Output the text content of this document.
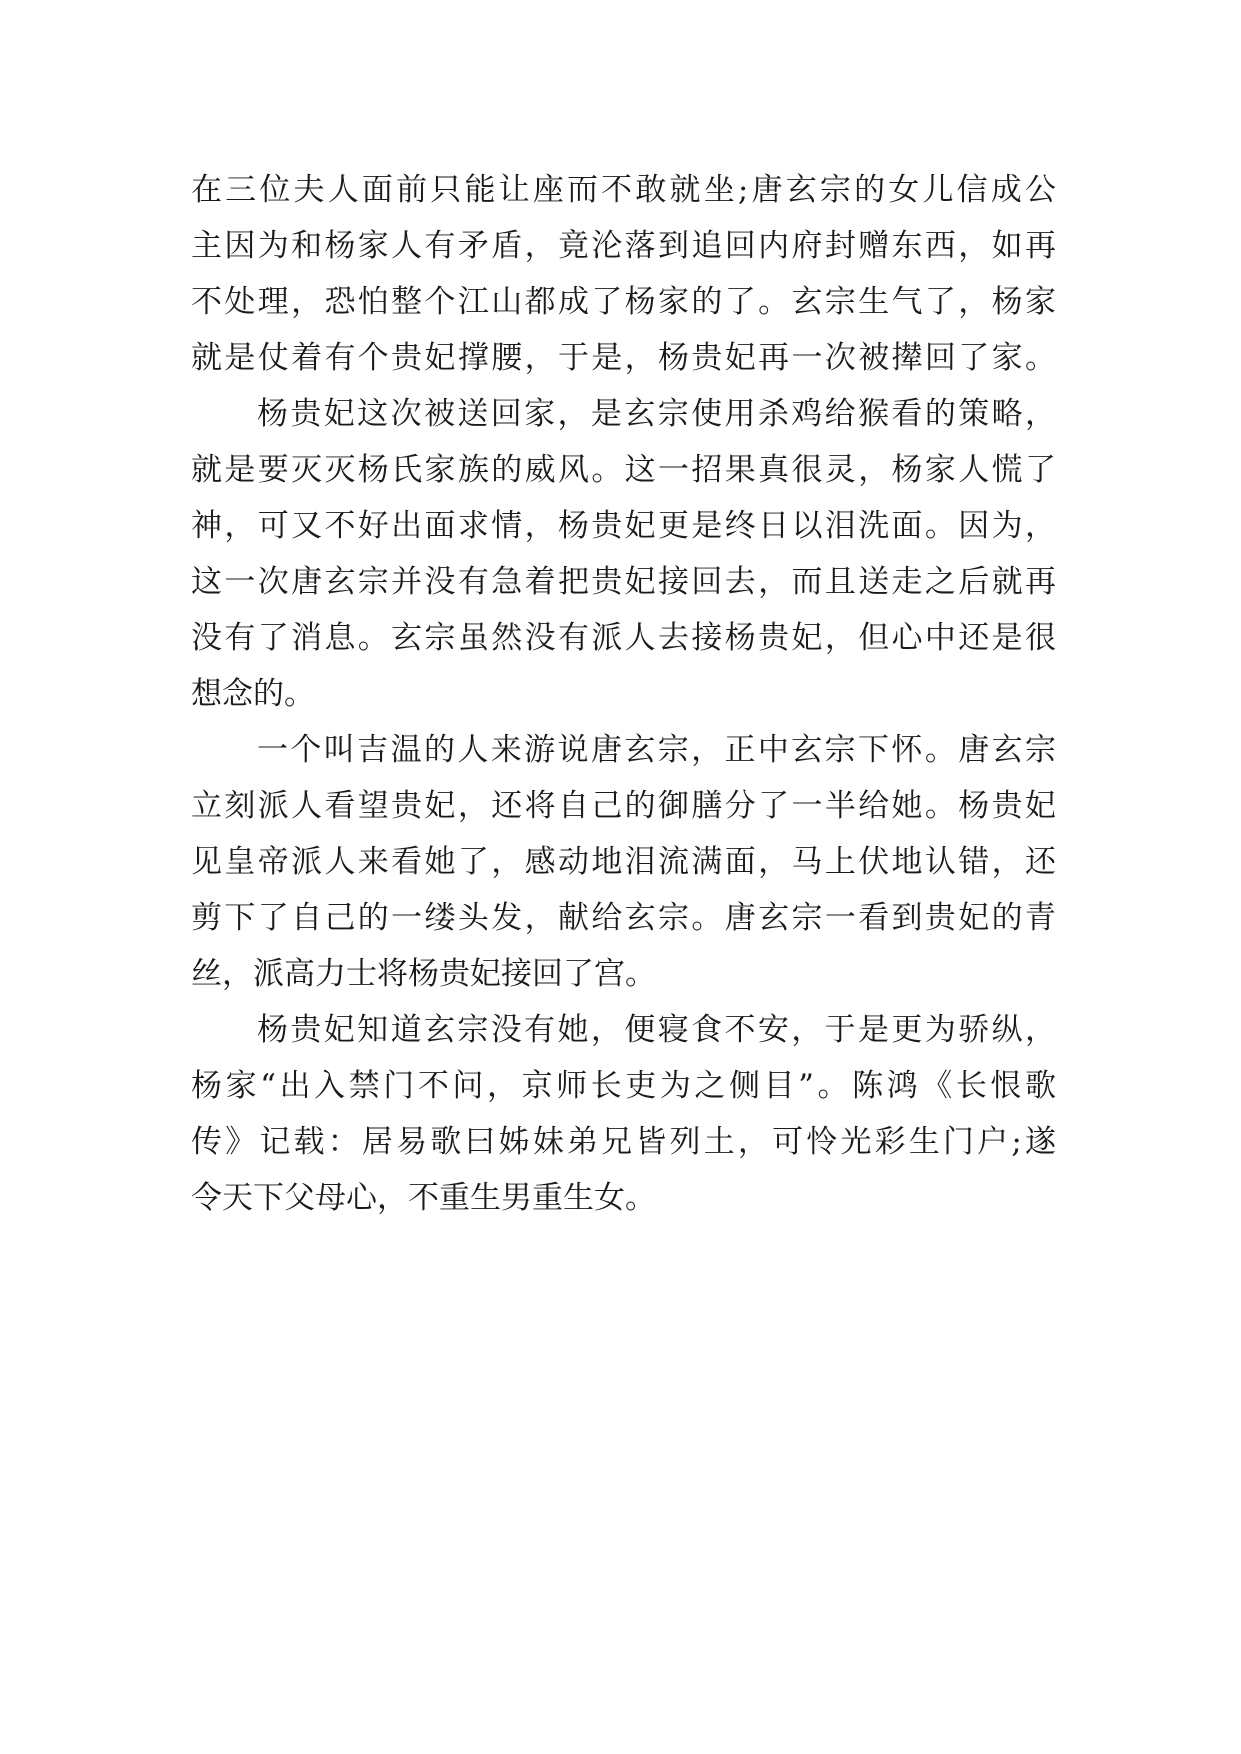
在三位夫人面前只能让座而不敢就坐;唐玄宗的女儿信成公
主因为和杨家人有矛盾，竟沦落到追回内府封赠东西，如再
不处理，恐怕整个江山都成了杨家的了。玄宗生气了，杨家
就是仗着有个贵妃撑腰，于是，杨贵妃再一次被撵回了家。
杨贵妃这次被送回家，是玄宗使用杀鸡给猴看的策略，
就是要灭灭杨氏家族的威风。这一招果真很灵，杨家人慌了
神，可又不好出面求情，杨贵妃更是终日以泪洗面。因为，
这一次唐玄宗并没有急着把贵妃接回去，而且送走之后就再
没有了消息。玄宗虽然没有派人去接杨贵妃，但心中还是很
想念的。
一个叫吉温的人来游说唐玄宗，正中玄宗下怀。唐玄宗
立刻派人看望贵妃，还将自己的御膳分了一半给她。杨贵妃
见皇帝派人来看她了，感动地泪流满面，马上伏地认错，还
剪下了自己的一缕头发，献给玄宗。唐玄宗一看到贵妃的青
丝，派高力士将杨贵妃接回了宫。
杨贵妃知道玄宗没有她，便寝食不安，于是更为骄纵，
杨家“出入禁门不问，京师长吏为之侧目”。陈鸿《长恨歌
传》记载：居易歌曰姊妹弟兄皆列土，可怜光彩生门户;遂
令天下父母心，不重生男重生女。
